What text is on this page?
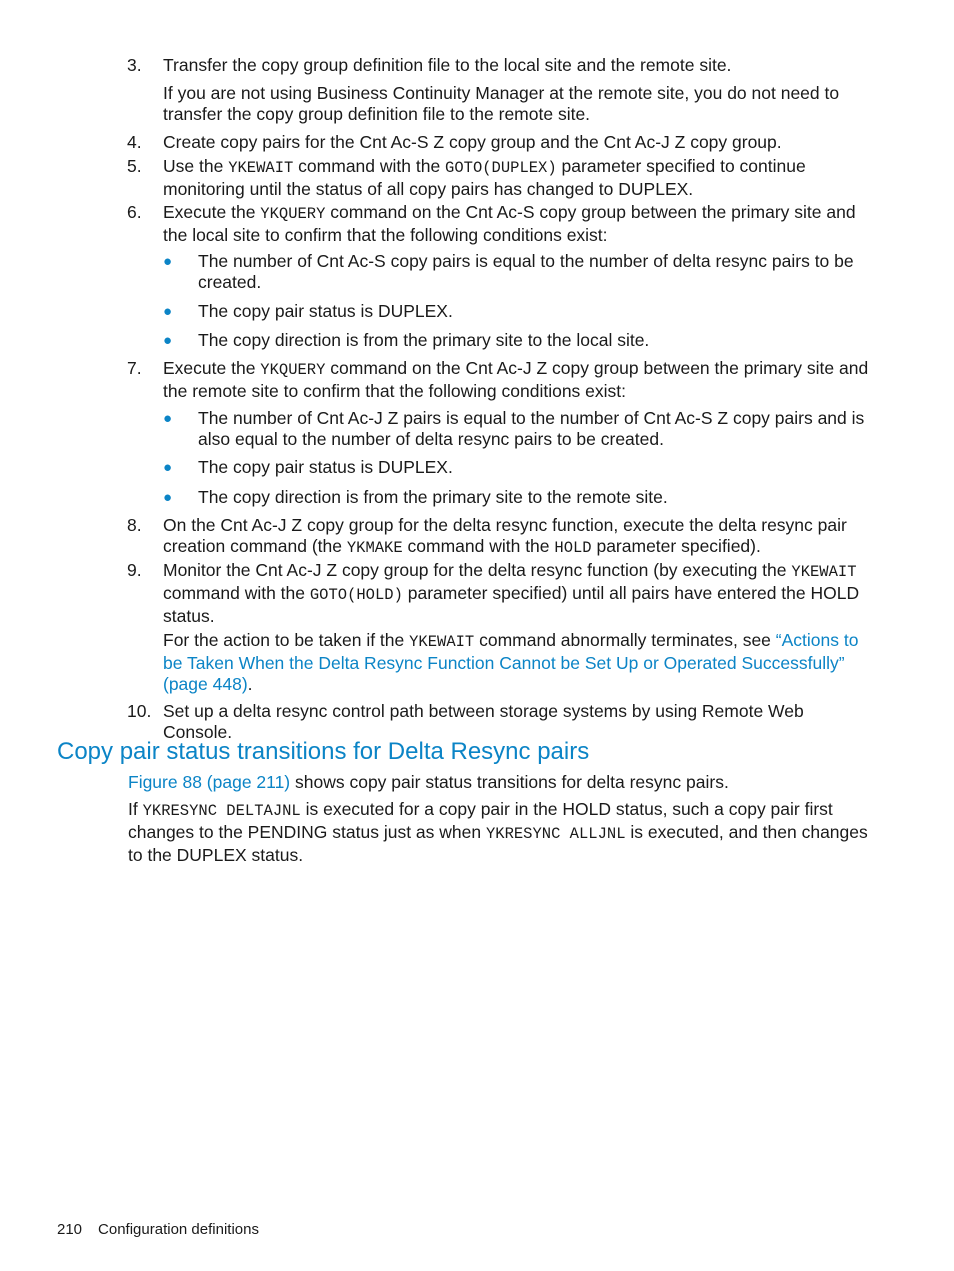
3.	Transfer the copy group definition file to the local site and the remote site.
If you are not using Business Continuity Manager at the remote site, you do not need to transfer the copy group definition file to the remote site.
4.	Create copy pairs for the Cnt Ac-S Z copy group and the Cnt Ac-J Z copy group.
5.	Use the YKEWAIT command with the GOTO(DUPLEX) parameter specified to continue monitoring until the status of all copy pairs has changed to DUPLEX.
6.	Execute the YKQUERY command on the Cnt Ac-S copy group between the primary site and the local site to confirm that the following conditions exist:
● The number of Cnt Ac-S copy pairs is equal to the number of delta resync pairs to be created.
● The copy pair status is DUPLEX.
● The copy direction is from the primary site to the local site.
7.	Execute the YKQUERY command on the Cnt Ac-J Z copy group between the primary site and the remote site to confirm that the following conditions exist:
● The number of Cnt Ac-J Z pairs is equal to the number of Cnt Ac-S Z copy pairs and is also equal to the number of delta resync pairs to be created.
● The copy pair status is DUPLEX.
● The copy direction is from the primary site to the remote site.
8.	On the Cnt Ac-J Z copy group for the delta resync function, execute the delta resync pair creation command (the YKMAKE command with the HOLD parameter specified).
9.	Monitor the Cnt Ac-J Z copy group for the delta resync function (by executing the YKEWAIT command with the GOTO(HOLD) parameter specified) until all pairs have entered the HOLD status.
For the action to be taken if the YKEWAIT command abnormally terminates, see “Actions to be Taken When the Delta Resync Function Cannot be Set Up or Operated Successfully” (page 448).
10. Set up a delta resync control path between storage systems by using Remote Web Console.
Copy pair status transitions for Delta Resync pairs
Figure 88 (page 211) shows copy pair status transitions for delta resync pairs.
If YKRESYNC DELTAJNL is executed for a copy pair in the HOLD status, such a copy pair first changes to the PENDING status just as when YKRESYNC ALLJNL is executed, and then changes to the DUPLEX status.
210 Configuration definitions
